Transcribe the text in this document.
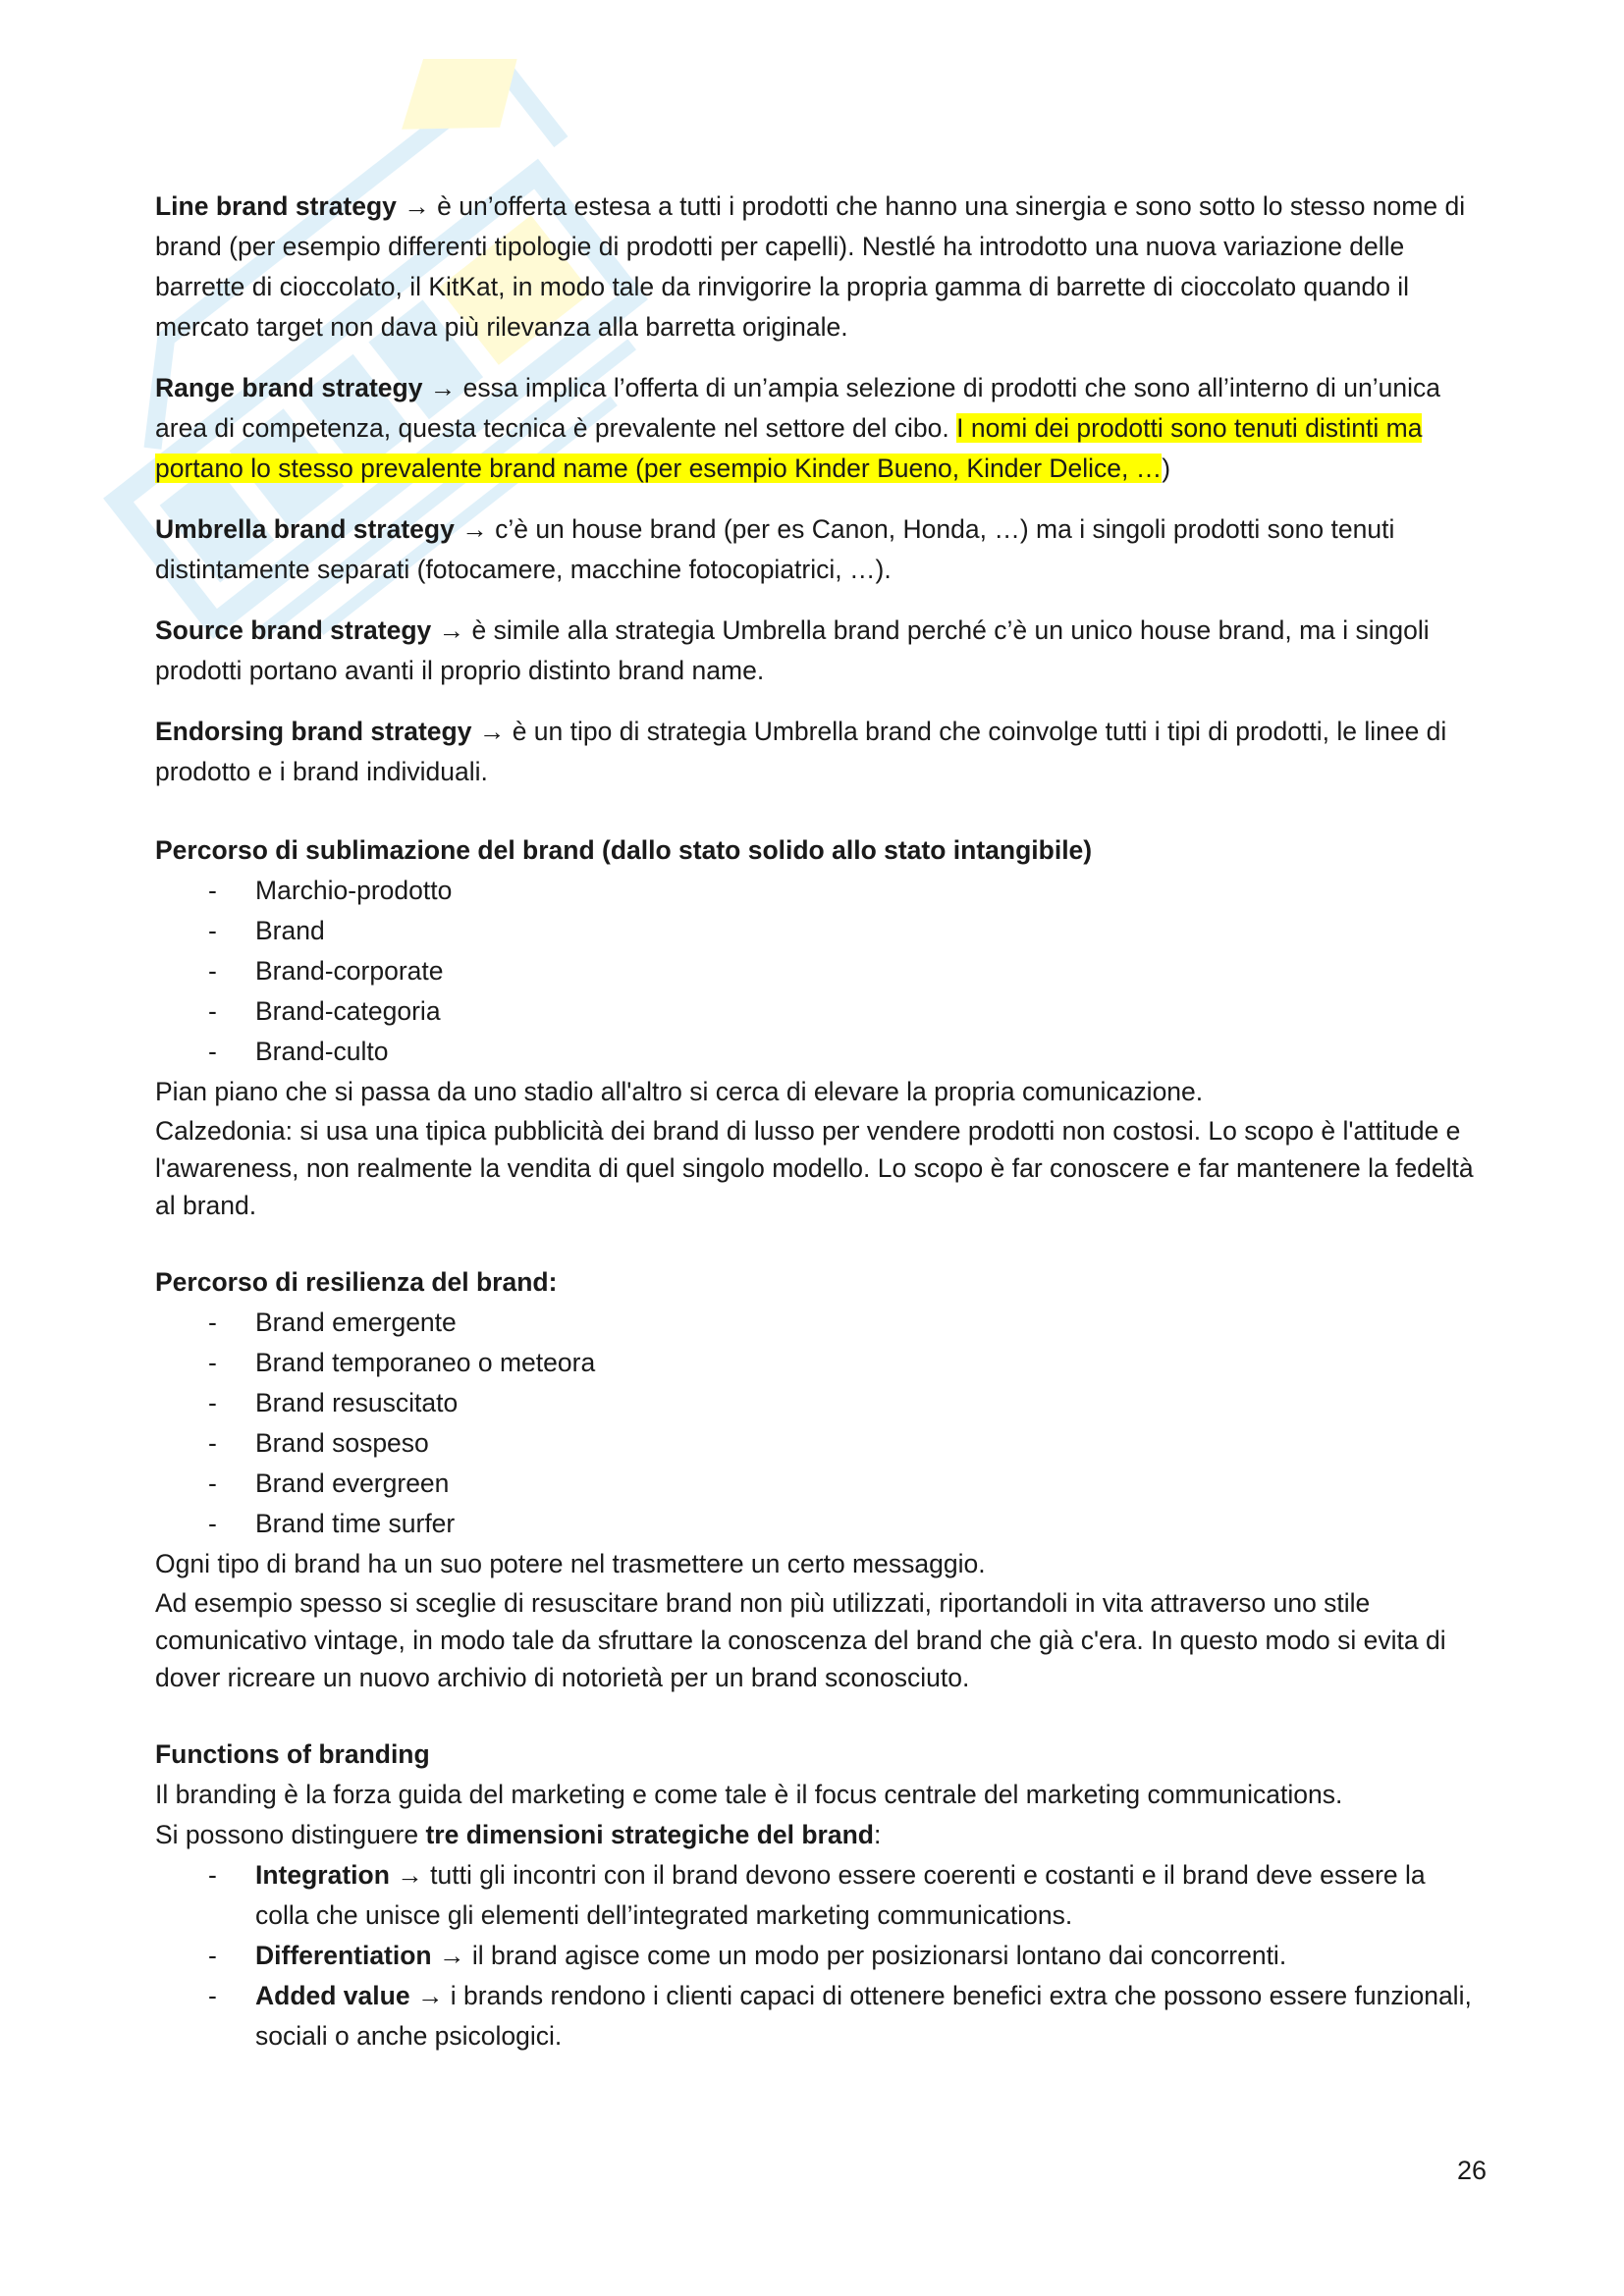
Line brand strategy → è un’offerta estesa a tutti i prodotti che hanno una sinergia e sono sotto lo stesso nome di brand (per esempio differenti tipologie di prodotti per capelli). Nestlé ha introdotto una nuova variazione delle barrette di cioccolato, il KitKat, in modo tale da rinvigorire la propria gamma di barrette di cioccolato quando il mercato target non dava più rilevanza alla barretta originale.

Range brand strategy → essa implica l’offerta di un’ampia selezione di prodotti che sono all’interno di un’unica area di competenza, questa tecnica è prevalente nel settore del cibo. I nomi dei prodotti sono tenuti distinti ma portano lo stesso prevalente brand name (per esempio Kinder Bueno, Kinder Delice, …)

Umbrella brand strategy → c’è un house brand (per es Canon, Honda, …) ma i singoli prodotti sono tenuti distintamente separati (fotocamere, macchine fotocopiatrici, …).

Source brand strategy → è simile alla strategia Umbrella brand perché c’è un unico house brand, ma i singoli prodotti portano avanti il proprio distinto brand name.

Endorsing brand strategy → è un tipo di strategia Umbrella brand che coinvolge tutti i tipi di prodotti, le linee di prodotto e i brand individuali.

Percorso di sublimazione del brand (dallo stato solido allo stato intangibile)

- Marchio-prodotto
- Brand
- Brand-corporate
- Brand-categoria
- Brand-culto

Pian piano che si passa da uno stadio all'altro si cerca di elevare la propria comunicazione.

Calzedonia: si usa una tipica pubblicità dei brand di lusso per vendere prodotti non costosi. Lo scopo è l'attitude e l'awareness, non realmente la vendita di quel singolo modello. Lo scopo è far conoscere e far mantenere la fedeltà al brand.

Percorso di resilienza del brand:

- Brand emergente
- Brand temporaneo o meteora
- Brand resuscitato
- Brand sospeso
- Brand evergreen
- Brand time surfer

Ogni tipo di brand ha un suo potere nel trasmettere un certo messaggio.

Ad esempio spesso si sceglie di resuscitare brand non più utilizzati, riportandoli in vita attraverso uno stile comunicativo vintage, in modo tale da sfruttare la conoscenza del brand che già c'era. In questo modo si evita di dover ricreare un nuovo archivio di notorietà per un brand sconosciuto.

Functions of branding

Il branding è la forza guida del marketing e come tale è il focus centrale del marketing communications.

Si possono distinguere tre dimensioni strategiche del brand:

- Integration → tutti gli incontri con il brand devono essere coerenti e costanti e il brand deve essere la colla che unisce gli elementi dell’integrated marketing communications.
- Differentiation → il brand agisce come un modo per posizionarsi lontano dai concorrenti.
- Added value → i brands rendono i clienti capaci di ottenere benefici extra che possono essere funzionali, sociali o anche psicologici.
26
